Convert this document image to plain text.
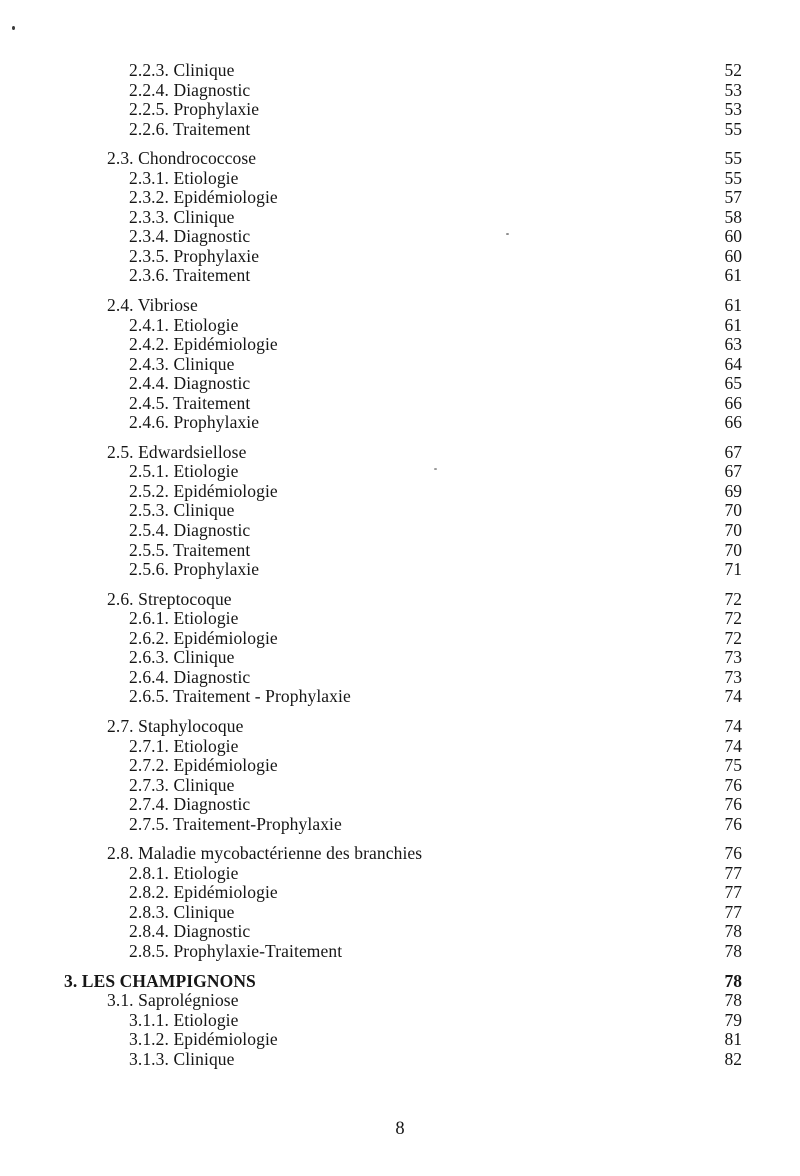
2.2.3. Clinique	52
2.2.4. Diagnostic	53
2.2.5. Prophylaxie	53
2.2.6. Traitement	55
2.3. Chondrococcose	55
2.3.1. Etiologie	55
2.3.2. Epidémiologie	57
2.3.3. Clinique	58
2.3.4. Diagnostic	60
2.3.5. Prophylaxie	60
2.3.6. Traitement	61
2.4. Vibriose	61
2.4.1. Etiologie	61
2.4.2. Epidémiologie	63
2.4.3. Clinique	64
2.4.4. Diagnostic	65
2.4.5. Traitement	66
2.4.6. Prophylaxie	66
2.5. Edwardsiellose	67
2.5.1. Etiologie	67
2.5.2. Epidémiologie	69
2.5.3. Clinique	70
2.5.4. Diagnostic	70
2.5.5. Traitement	70
2.5.6. Prophylaxie	71
2.6. Streptocoque	72
2.6.1. Etiologie	72
2.6.2. Epidémiologie	72
2.6.3. Clinique	73
2.6.4. Diagnostic	73
2.6.5. Traitement - Prophylaxie	74
2.7. Staphylocoque	74
2.7.1. Etiologie	74
2.7.2. Epidémiologie	75
2.7.3. Clinique	76
2.7.4. Diagnostic	76
2.7.5. Traitement-Prophylaxie	76
2.8. Maladie mycobactérienne des branchies	76
2.8.1. Etiologie	77
2.8.2. Epidémiologie	77
2.8.3. Clinique	77
2.8.4. Diagnostic	78
2.8.5. Prophylaxie-Traitement	78
3. LES CHAMPIGNONS	78
3.1. Saprolégniose	78
3.1.1. Etiologie	79
3.1.2. Epidémiologie	81
3.1.3. Clinique	82
8
